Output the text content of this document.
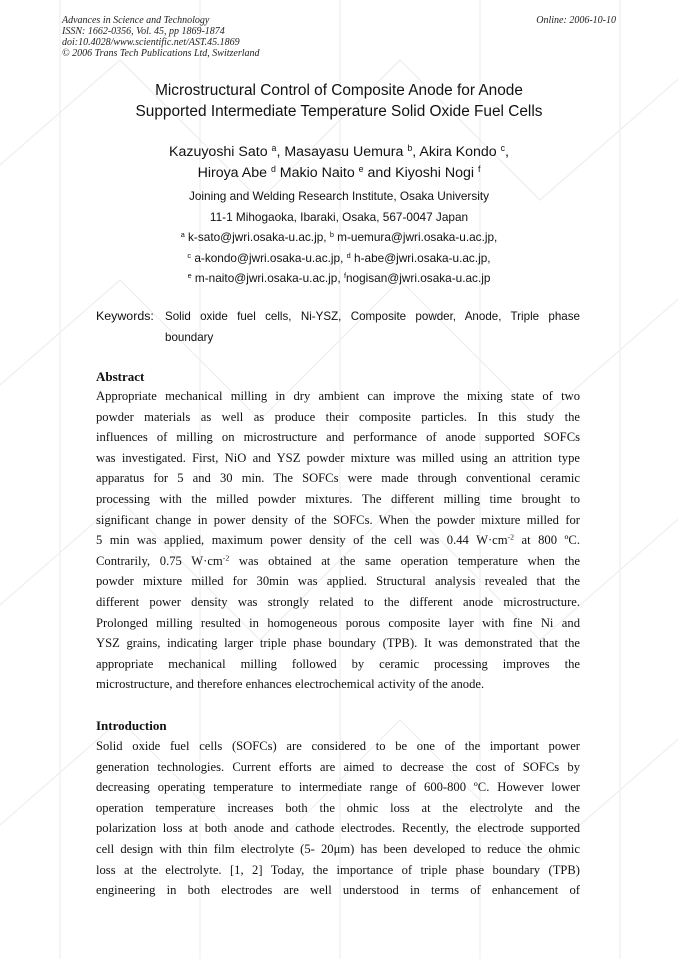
Advances in Science and Technology
ISSN: 1662-0356, Vol. 45, pp 1869-1874
doi:10.4028/www.scientific.net/AST.45.1869
© 2006 Trans Tech Publications Ltd, Switzerland
Online: 2006-10-10
Microstructural Control of Composite Anode for Anode
Supported Intermediate Temperature Solid Oxide Fuel Cells
Kazuyoshi Sato $^a$, Masayasu Uemura $^b$, Akira Kondo $^c$,
Hiroya Abe $^d$ Makio Naito $^e$ and Kiyoshi Nogi $^f$
Joining and Welding Research Institute, Osaka University
11-1 Mihogaoka, Ibaraki, Osaka, 567-0047 Japan
$^a$ k-sato@jwri.osaka-u.ac.jp, $^b$ m-uemura@jwri.osaka-u.ac.jp,
$^c$ a-kondo@jwri.osaka-u.ac.jp, $^d$ h-abe@jwri.osaka-u.ac.jp,
$^e$ m-naito@jwri.osaka-u.ac.jp, $^f$nogisan@jwri.osaka-u.ac.jp
Keywords: Solid oxide fuel cells, Ni-YSZ, Composite powder, Anode, Triple phase
boundary
Abstract
Appropriate mechanical milling in dry ambient can improve the mixing state of two
powder materials as well as produce their composite particles. In this study the
influences of milling on microstructure and performance of anode supported SOFCs
was investigated. First, NiO and YSZ powder mixture was milled using an attrition type
apparatus for 5 and 30 min. The SOFCs were made through conventional ceramic
processing with the milled powder mixtures. The different milling time brought to
significant change in power density of the SOFCs. When the powder mixture milled for
5 min was applied, maximum power density of the cell was 0.44 $W\cdot cm^{-2}$ at 800 ºC.
Contrarily, 0.75 $W\cdot cm^{-2}$ was obtained at the same operation temperature when the
powder mixture milled for 30min was applied. Structural analysis revealed that the
different power density was strongly related to the different anode microstructure.
Prolonged milling resulted in homogeneous porous composite layer with fine Ni and
YSZ grains, indicating larger triple phase boundary (TPB). It was demonstrated that the
appropriate mechanical milling followed by ceramic processing improves the
microstructure, and therefore enhances electrochemical activity of the anode.
Introduction
Solid oxide fuel cells (SOFCs) are considered to be one of the important power
generation technologies. Current efforts are aimed to decrease the cost of SOFCs by
decreasing operating temperature to intermediate range of 600-800 ºC. However lower
operation temperature increases both the ohmic loss at the electrolyte and the
polarization loss at both anode and cathode electrodes. Recently, the electrode supported
cell design with thin film electrolyte (5- 20μm) has been developed to reduce the ohmic
loss at the electrolyte. [1, 2] Today, the importance of triple phase boundary (TPB)
engineering in both electrodes are well understood in terms of enhancement of
